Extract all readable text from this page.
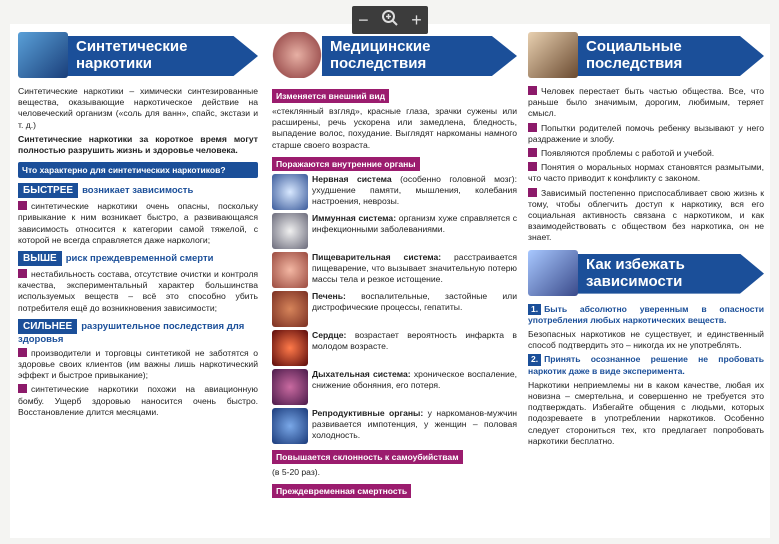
− +
Синтетические наркотики

Синтетические наркотики – химически синтезированные вещества, оказывающие наркотическое действие на человеческий организм («соль для ванн», спайс, экстази и т. д.)

Синтетические наркотики за короткое время могут полностью разрушить жизнь и здоровье человека.

Что характерно для синтетических наркотиков?
БЫСТРЕЕ возникает зависимость

синтетические наркотики очень опасны, поскольку привыкание к ним возникает быстро, а развивающаяся зависимость относится к категории самой тяжелой, с которой не всегда справляется даже наркологи;

ВЫШЕ риск преждевременной смерти

нестабильность состава, отсутствие очистки и контроля качества, экспериментальный характер большинства используемых веществ – всё это способно убить потребителя ещё до возникновения зависимости;

СИЛЬНЕЕ разрушительное последствия для здоровья

производители и торговцы синтетикой не заботятся о здоровье своих клиентов (им важны лишь наркотический эффект и быстрое привыкание);

синтетические наркотики похожи на авиационную бомбу. Ущерб здоровью наносится очень быстро. Восстановление длится месяцами.

Медицинские последствия
Изменяется внешний вид

«стеклянный взгляд», красные глаза, зрачки сужены или расширены, речь ускорена или замедлена, бледность, выпадение волос, похудание. Выглядят наркоманы намного старше своего возраста.

Поражаются внутренние органы

Нервная система (особенно головной мозг): ухудшение памяти, мышления, колебания настроения, неврозы.

Иммунная система: организм хуже справляется с инфекционными заболеваниями.

Пищеварительная система: расстраивается пищеварение, что вызывает значительную потерю массы тела и резкое истощение.

Печень: воспалительные, застойные или дистрофические процессы, гепатиты.

Сердце: возрастает вероятность инфаркта в молодом возрасте.

Дыхательная система: хроническое воспаление, снижение обоняния, его потеря.

Репродуктивные органы: у наркоманов-мужчин развивается импотенция, у женщин – половая холодность.

Повышается склонность к самоубийствам

(в 5-20 раз).

Преждевременная смертность
Социальные последствия

Человек перестает быть частью общества. Все, что раньше было значимым, дорогим, любимым, теряет смысл.

Попытки родителей помочь ребенку вызывают у него раздражение и злобу.

Появляются проблемы с работой и учебой.

Понятия о моральных нормах становятся размытыми, что часто приводит к конфликту с законом.

Зависимый постепенно приспосабливает свою жизнь к тому, чтобы облегчить доступ к наркотику, вся его социальная активность связана с наркотиком, и как взаимодействовать с обществом без наркотика, он не знает.

Как избежать зависимости

1. Быть абсолютно уверенным в опасности употребления любых наркотических веществ.

Безопасных наркотиков не существует, и единственный способ подтвердить это – никогда их не употреблять.

2. Принять осознанное решение не пробовать наркотик даже в виде эксперимента.

Наркотики неприемлемы ни в каком качестве, любая их новизна – смертельна, и совершенно не требуется это подтверждать. Избегайте общения с людьми, которых подозреваете в употреблении наркотиков. Особенно следует сторониться тех, кто предлагает попробовать наркотики бесплатно.
